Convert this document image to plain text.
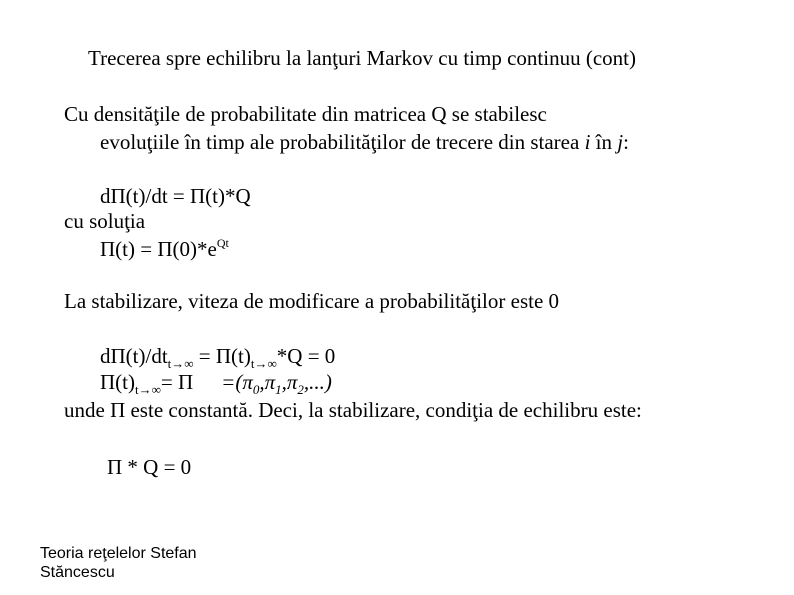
Trecerea spre echilibru la lanţuri Markov cu timp continuu (cont)
Cu densităţile de probabilitate din matricea Q se stabilesc
evoluţiile în timp ale probabilităţilor de trecere din starea i în j:
dΠ(t)/dt = Π(t)*Q
cu soluţia
$\Pi(t) = \Pi(0)*e^{Qt}$
La stabilizare, viteza de modificare a probabilităţilor este 0
$d\Pi(t)/dt_{t\to\infty} = \Pi(t)_{t\to\infty}*Q = 0$
$\Pi(t)_{t\to\infty}= \Pi =(\pi_0,\pi_1,\pi_2,...)$
unde Π este constantă. Deci, la stabilizare, condiţia de echilibru este:
Π * Q = 0
Teoria reţelelor Stefan
Stăncescu
